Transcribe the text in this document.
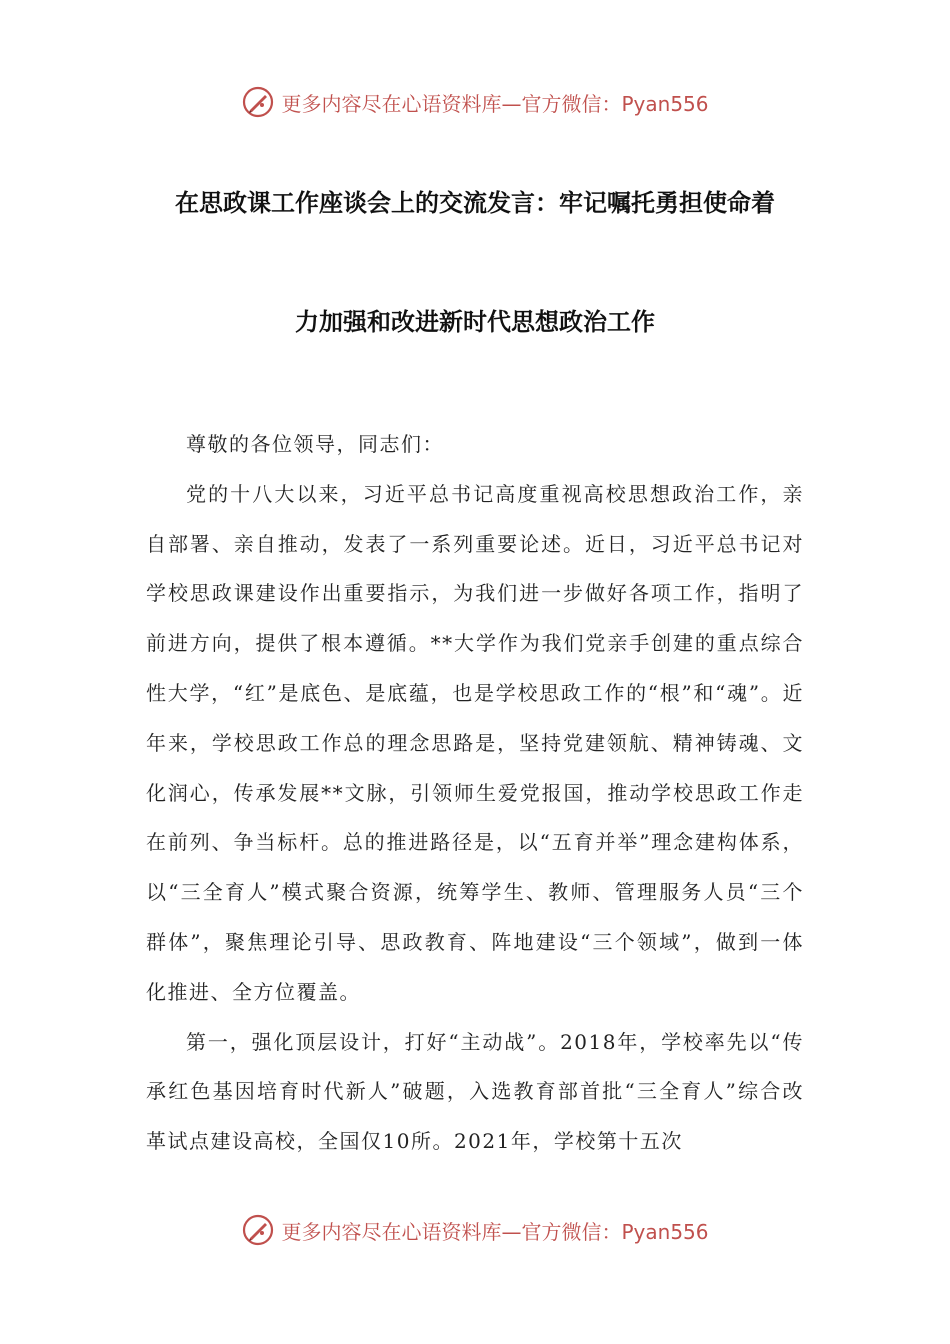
更多内容尽在心语资料库—官方微信：Pyan556
在思政课工作座谈会上的交流发言：牢记嘱托勇担使命着
力加强和改进新时代思想政治工作

尊敬的各位领导，同志们：

党的十八大以来，习近平总书记高度重视高校思想政治工作，亲自部署、亲自推动，发表了一系列重要论述。近日，习近平总书记对学校思政课建设作出重要指示，为我们进一步做好各项工作，指明了前进方向，提供了根本遵循。**大学作为我们党亲手创建的重点综合性大学，“红”是底色、是底蕴，也是学校思政工作的“根”和“魂”。近年来，学校思政工作总的理念思路是，坚持党建领航、精神铸魂、文化润心，传承发展**文脉，引领师生爱党报国，推动学校思政工作走在前列、争当标杆。总的推进路径是，以“五育并举”理念建构体系，以“三全育人”模式聚合资源，统筹学生、教师、管理服务人员“三个群体”，聚焦理论引导、思政教育、阵地建设“三个领域”，做到一体化推进、全方位覆盖。

第一，强化顶层设计，打好“主动战”。2018年，学校率先以“传承红色基因培育时代新人”破题，入选教育部首批“三全育人”综合改革试点建设高校，全国仅10所。2021年，学校第十五次

更多内容尽在心语资料库—官方微信：Pyan556
